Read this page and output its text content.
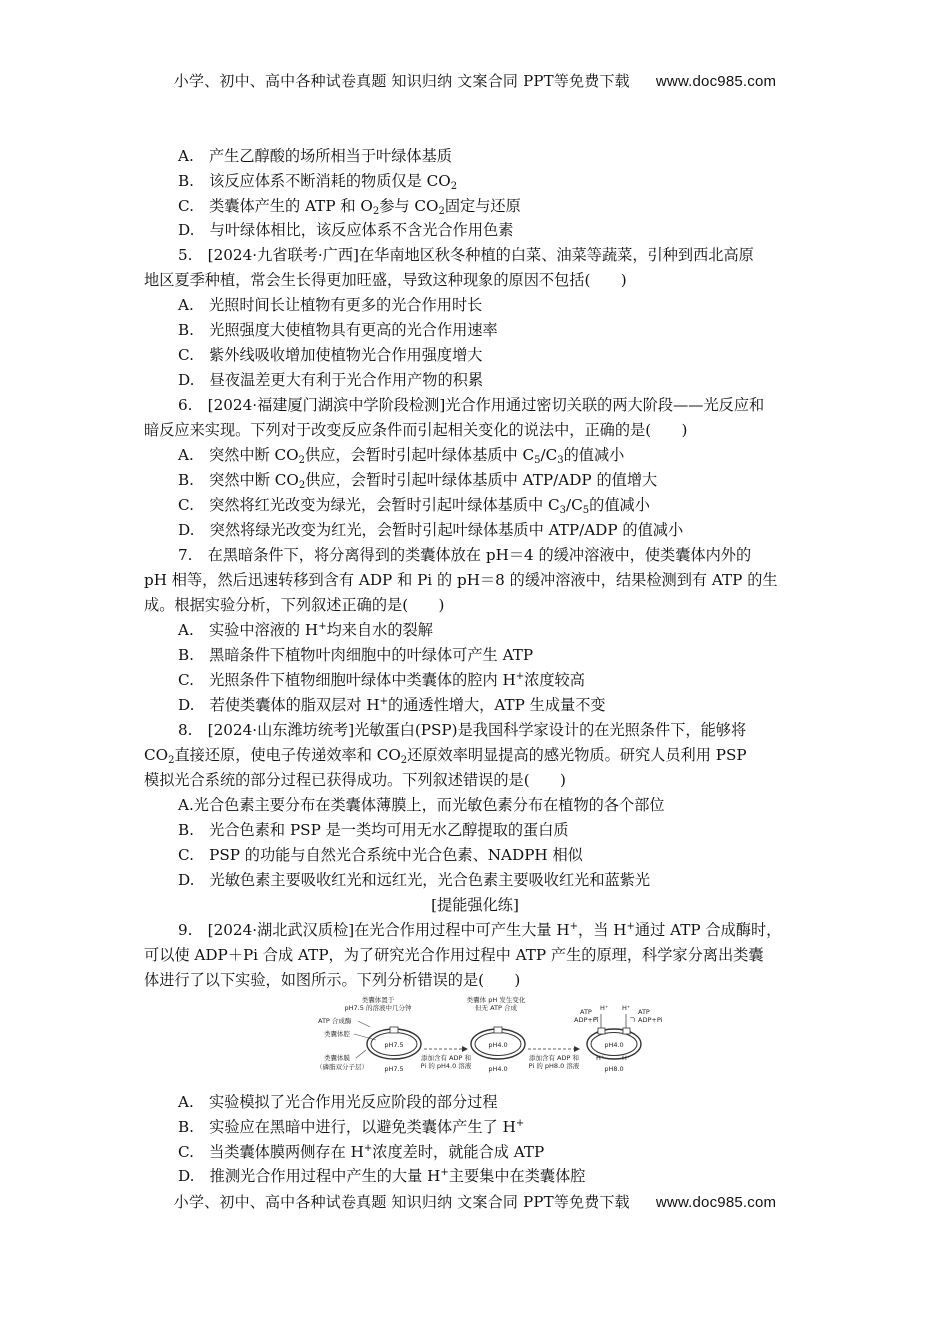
小学、初中、高中各种试卷真题 知识归纳 文案合同 PPT等免费下载 www.doc985.com
A.　产生乙醇酸的场所相当于叶绿体基质
B.　该反应体系不断消耗的物质仅是 $CO_2$
C.　类囊体产生的 ATP 和 $O_2$参与 $CO_2$固定与还原
D.　与叶绿体相比，该反应体系不含光合作用色素
5.　[2024·九省联考·广西]在华南地区秋冬种植的白菜、油菜等蔬菜，引种到西北高原
地区夏季种植，常会生长得更加旺盛，导致这种现象的原因不包括(　　)
A.　光照时间长让植物有更多的光合作用时长
B.　光照强度大使植物具有更高的光合作用速率
C.　紫外线吸收增加使植物光合作用强度增大
D.　昼夜温差更大有利于光合作用产物的积累
6.　[2024·福建厦门湖滨中学阶段检测]光合作用通过密切关联的两大阶段——光反应和
暗反应来实现。下列对于改变反应条件而引起相关变化的说法中，正确的是(　　)
A.　突然中断 $CO_2$供应，会暂时引起叶绿体基质中 $C_5/C_3$的值减小
B.　突然中断 $CO_2$供应，会暂时引起叶绿体基质中 ATP/ADP 的值增大
C.　突然将红光改变为绿光，会暂时引起叶绿体基质中 $C_3/C_5$的值减小
D.　突然将绿光改变为红光，会暂时引起叶绿体基质中 ATP/ADP 的值减小
7.　在黑暗条件下，将分离得到的类囊体放在 pH＝4 的缓冲溶液中，使类囊体内外的
pH 相等，然后迅速转移到含有 ADP 和 Pi 的 pH＝8 的缓冲溶液中，结果检测到有 ATP 的生
成。根据实验分析，下列叙述正确的是(　　)
A.　实验中溶液的 H+均来自水的裂解
B.　黑暗条件下植物叶肉细胞中的叶绿体可产生 ATP
C.　光照条件下植物细胞叶绿体中类囊体的腔内 H+浓度较高
D.　若使类囊体的脂双层对 H+的通透性增大，ATP 生成量不变
8.　[2024·山东潍坊统考]光敏蛋白(PSP)是我国科学家设计的在光照条件下，能够将
$CO_2$直接还原，使电子传递效率和 $CO_2$还原效率明显提高的感光物质。研究人员利用 PSP
模拟光合系统的部分过程已获得成功。下列叙述错误的是(　　)
A.光合色素主要分布在类囊体薄膜上，而光敏色素分布在植物的各个部位
B.　光合色素和 PSP 是一类均可用无水乙醇提取的蛋白质
C.　PSP 的功能与自然光合系统中光合色素、NADPH 相似
D.　光敏色素主要吸收红光和远红光，光合色素主要吸收红光和蓝紫光
[提能强化练]
9.　[2024·湖北武汉质检]在光合作用过程中可产生大量 H+，当 H+通过 ATP 合成酶时，
可以使 ADP＋Pi 合成 ATP，为了研究光合作用过程中 ATP 产生的原理，科学家分离出类囊
体进行了以下实验，如图所示。下列分析错误的是(　　)
类囊体置于
pH7.5 的溶液中几分钟
ATP 合成酶
类囊体腔
类囊体膜
（磷脂双分子层）
pH7.5
pH7.5
添加含有 ADP 和
Pi 的 pH4.0 溶液
类囊体 pH 发生变化
但无 ATP 合成
pH4.0
pH4.0
添加含有 ADP 和
Pi 的 pH8.0 溶液
pH4.0
pH8.0
ATP
ADP+Pi
H⁺ H⁺ ATP
ADP+Pi
H⁺	H⁺
A.　实验模拟了光合作用光反应阶段的部分过程
B.　实验应在黑暗中进行，以避免类囊体产生了 H+
C.　当类囊体膜两侧存在 H+浓度差时，就能合成 ATP
D.　推测光合作用过程中产生的大量 H+主要集中在类囊体腔
小学、初中、高中各种试卷真题 知识归纳 文案合同 PPT等免费下载 www.doc985.com
